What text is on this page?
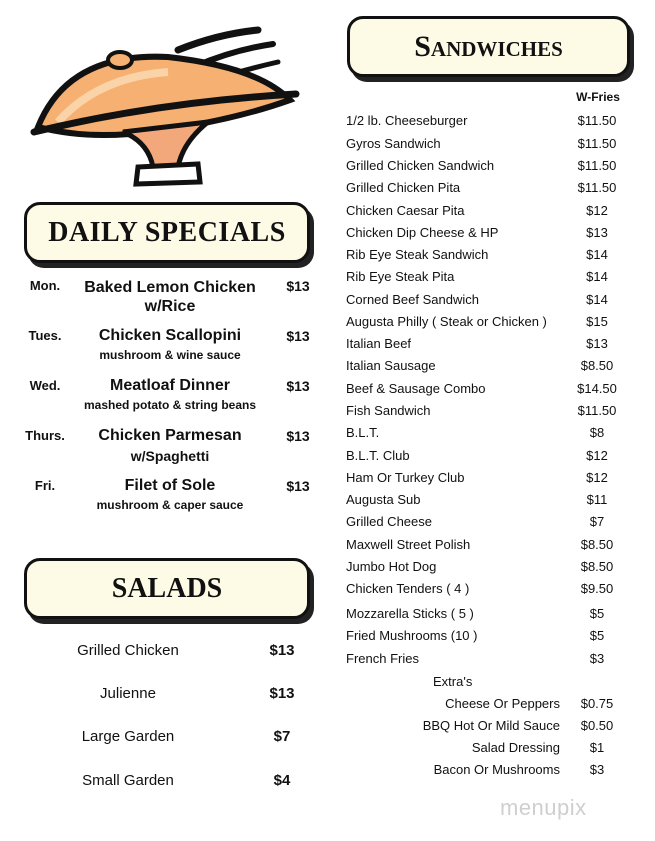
DAILY SPECIALS
Mon.	Baked Lemon Chicken
w/Rice
$13
Tues.	Chicken Scallopini
mushroom & wine sauce
$13
Wed.	Meatloaf Dinner
mashed potato & string beans
$13
Thurs.	Chicken Parmesan
w/Spaghetti
$13
Fri.	Filet of Sole
mushroom & caper sauce
$13
SALADS
Grilled Chicken	$13
Julienne	$13
Large Garden	$7
Small Garden	$4
Sandwiches
W-Fries
1/2 lb. Cheeseburger	$11.50
Gyros Sandwich	$11.50
Grilled Chicken Sandwich	$11.50
Grilled Chicken Pita	$11.50
Chicken Caesar Pita	$12
Chicken Dip Cheese & HP	$13
Rib Eye Steak Sandwich	$14
Rib Eye Steak Pita	$14
Corned Beef Sandwich	$14
Augusta Philly ( Steak or Chicken )	$15
Italian Beef	$13
Italian Sausage	$8.50
Beef & Sausage Combo	$14.50
Fish Sandwich	$11.50
B.L.T.	$8
B.L.T. Club	$12
Ham Or Turkey Club	$12
Augusta Sub	$11
Grilled Cheese	$7
Maxwell Street Polish	$8.50
Jumbo Hot Dog	$8.50
Chicken Tenders ( 4 )	$9.50
Mozzarella Sticks ( 5 )	$5
Fried Mushrooms (10 )	$5
French Fries	$3
Extra's
Cheese Or Peppers	$0.75
BBQ Hot Or Mild Sauce	$0.50
Salad Dressing	$1
Bacon Or Mushrooms	$3
menupix
